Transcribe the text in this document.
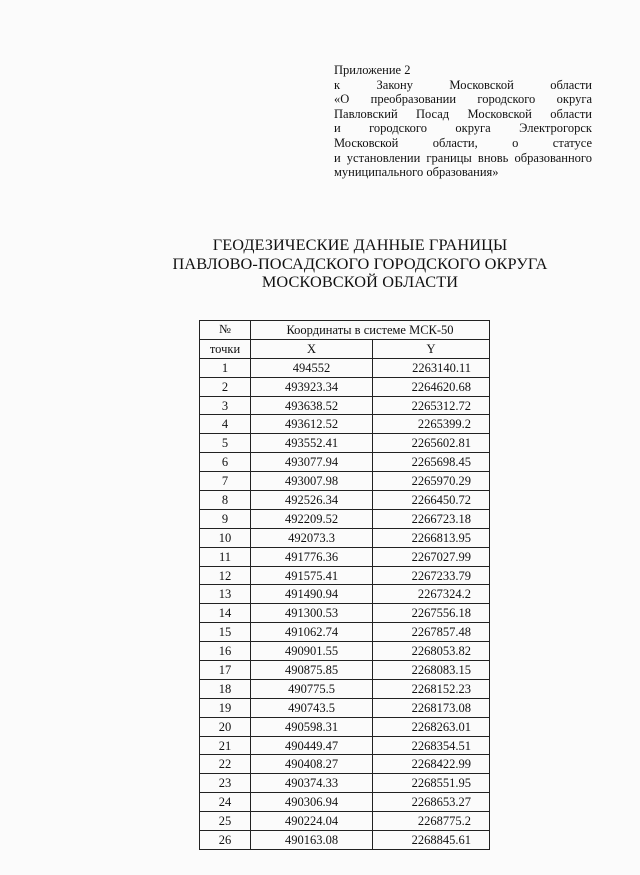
Приложение 2
к Закону Московской области
«О преобразовании городского округа
Павловский Посад Московской области
и городского округа Электрогорск
Московской области, о статусе
и установлении границы вновь образованного
муниципального образования»
ГЕОДЕЗИЧЕСКИЕ ДАННЫЕ ГРАНИЦЫ
ПАВЛОВО-ПОСАДСКОГО ГОРОДСКОГО ОКРУГА
МОСКОВСКОЙ ОБЛАСТИ
№	Координаты в системе МСК-50	
точки	X	Y
1	494552	2263140.11
2	493923.34	2264620.68
3	493638.52	2265312.72
4	493612.52	2265399.2
5	493552.41	2265602.81
6	493077.94	2265698.45
7	493007.98	2265970.29
8	492526.34	2266450.72
9	492209.52	2266723.18
10	492073.3	2266813.95
11	491776.36	2267027.99
12	491575.41	2267233.79
13	491490.94	2267324.2
14	491300.53	2267556.18
15	491062.74	2267857.48
16	490901.55	2268053.82
17	490875.85	2268083.15
18	490775.5	2268152.23
19	490743.5	2268173.08
20	490598.31	2268263.01
21	490449.47	2268354.51
22	490408.27	2268422.99
23	490374.33	2268551.95
24	490306.94	2268653.27
25	490224.04	2268775.2
26	490163.08	2268845.61
